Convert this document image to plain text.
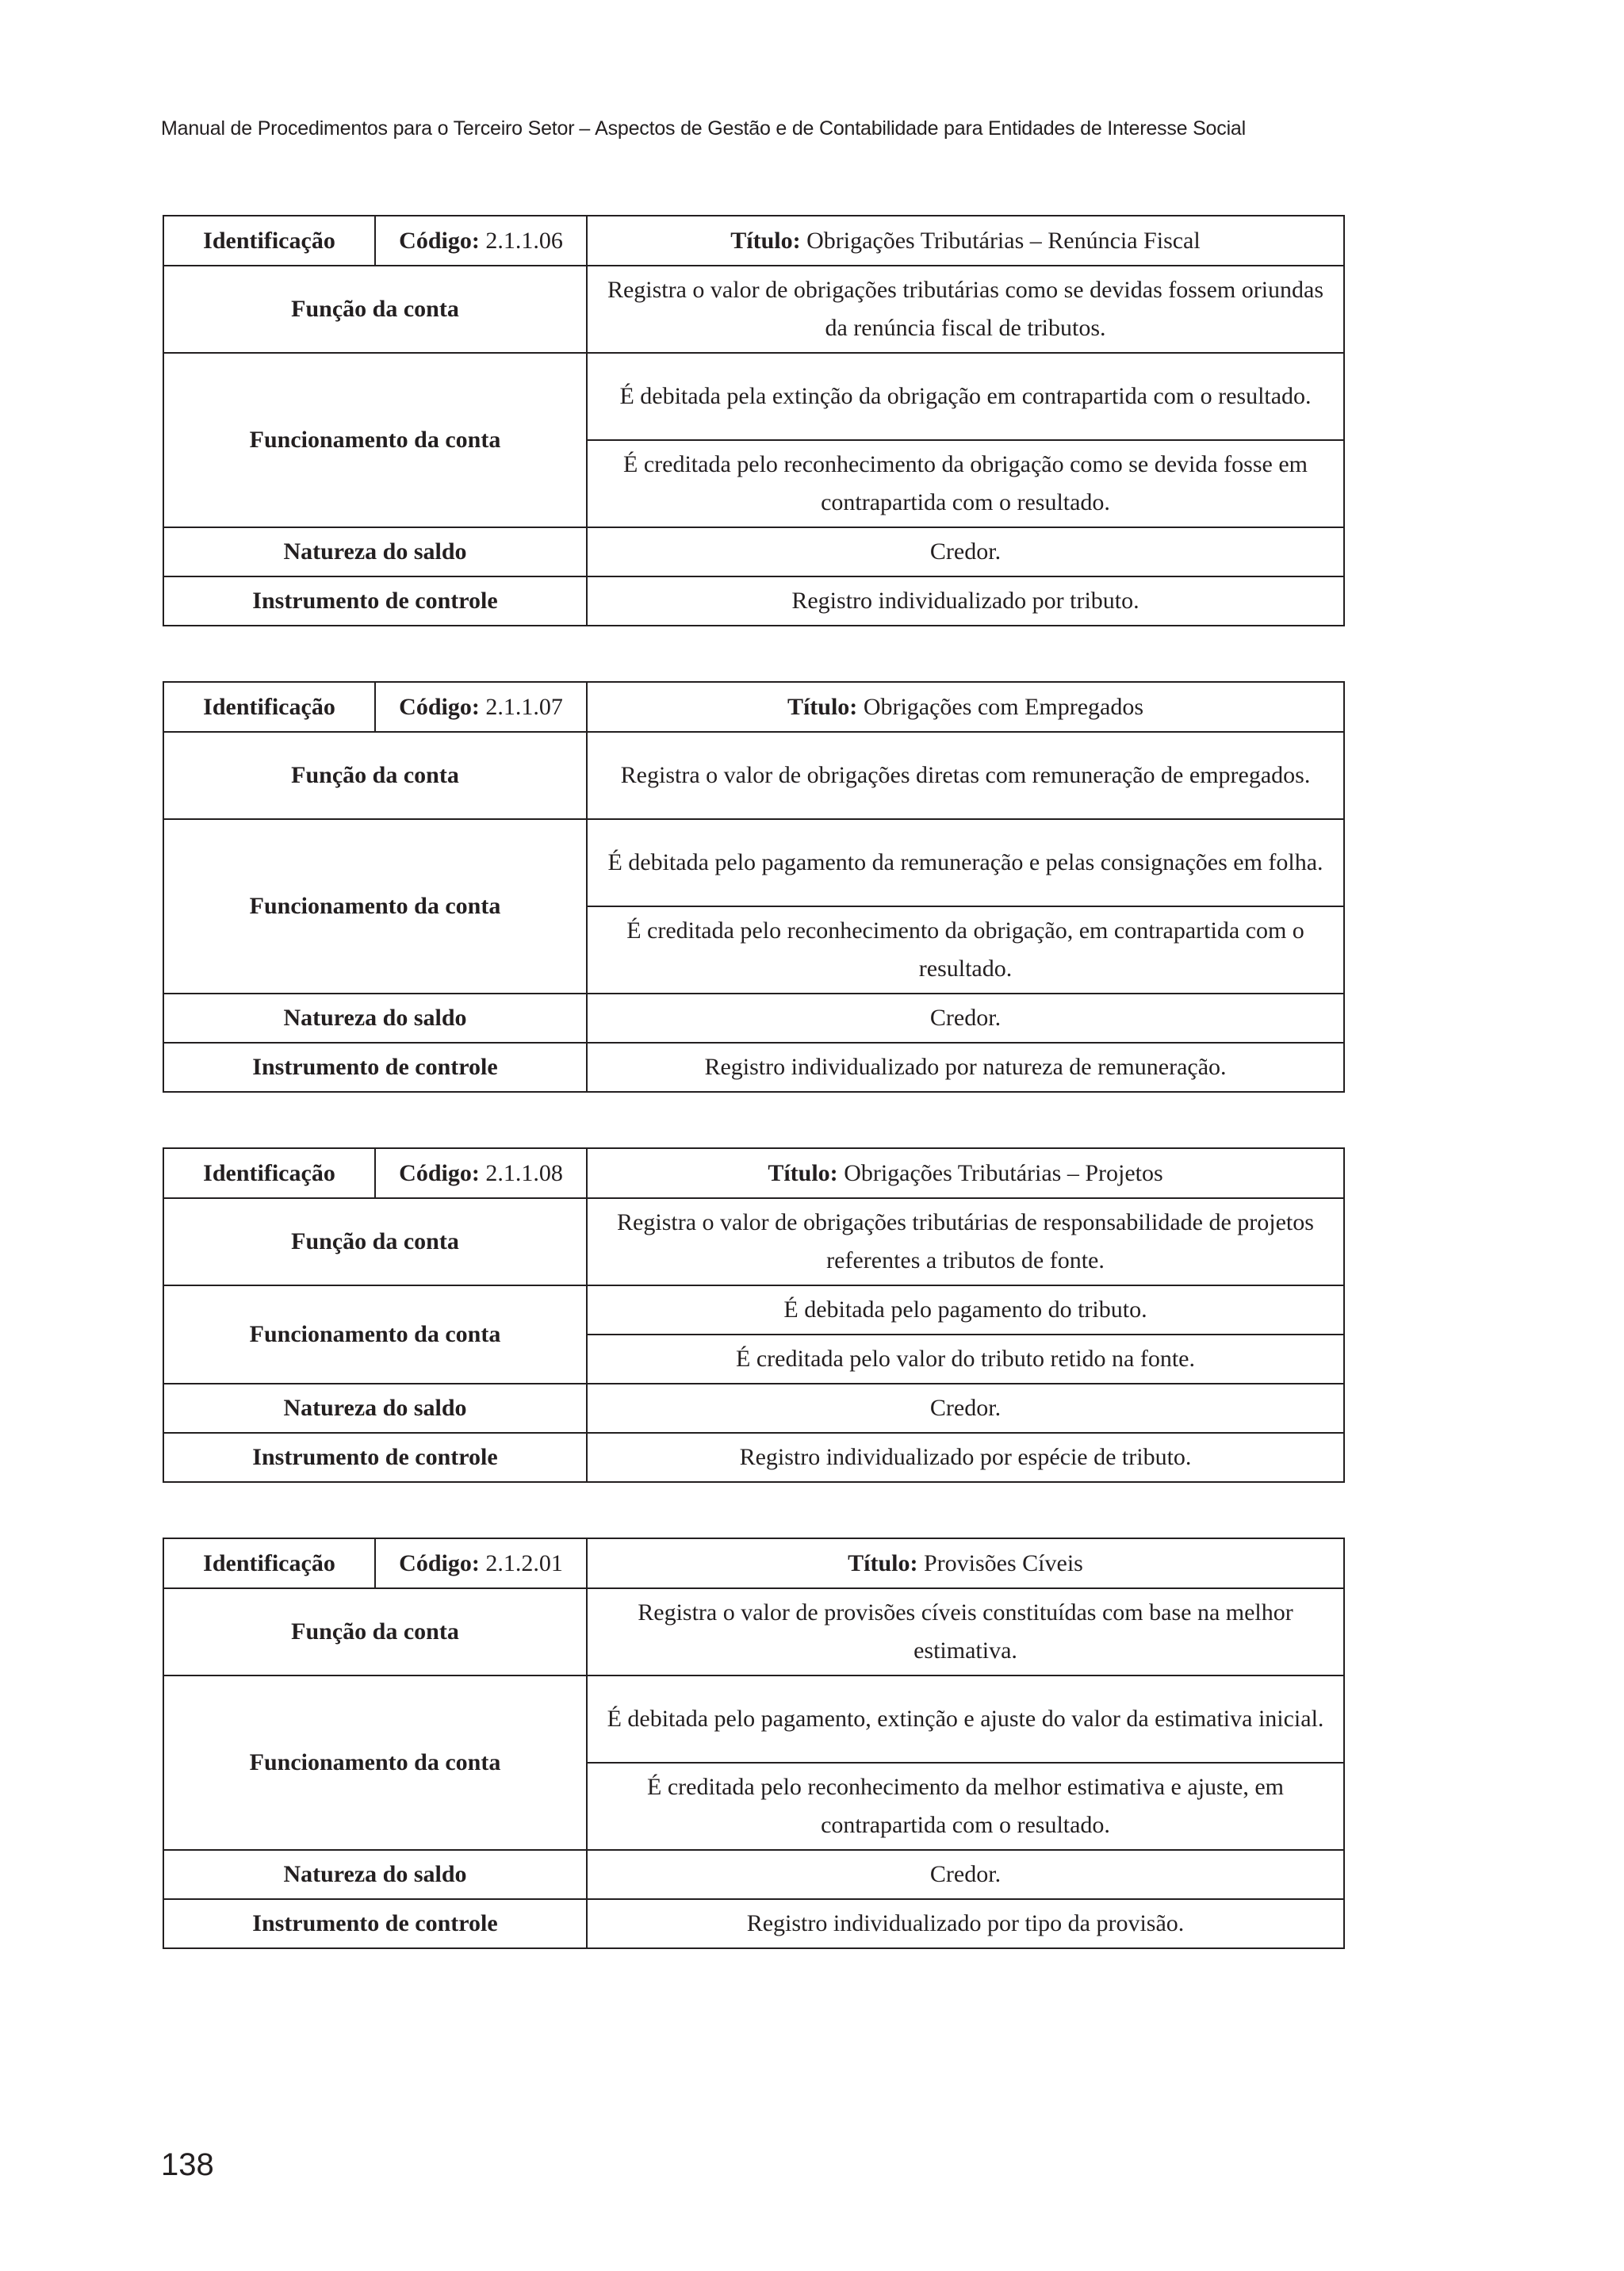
Manual de Procedimentos para o Terceiro Setor – Aspectos de Gestão e de Contabilidade para Entidades de Interesse Social
Identificação	Código: 2.1.1.06	Título: Obrigações Tributárias – Renúncia Fiscal
Função da conta		Registra o valor de obrigações tributárias como se devidas fossem oriundas da renúncia fiscal de tributos.
Funcionamento da conta		É debitada pela extinção da obrigação em contrapartida com o resultado.
		É creditada pelo reconhecimento da obrigação como se devida fosse em contrapartida com o resultado.
Natureza do saldo		Credor.
Instrumento de controle		Registro individualizado por tributo.
Identificação	Código: 2.1.1.07	Título: Obrigações com Empregados
Função da conta		Registra o valor de obrigações diretas com remuneração de empregados.
Funcionamento da conta		É debitada pelo pagamento da remuneração e pelas consignações em folha.
		É creditada pelo reconhecimento da obrigação, em contrapartida com o resultado.
Natureza do saldo		Credor.
Instrumento de controle		Registro individualizado por natureza de remuneração.
Identificação	Código: 2.1.1.08	Título: Obrigações Tributárias – Projetos
Função da conta		Registra o valor de obrigações tributárias de responsabilidade de projetos referentes a tributos de fonte.
Funcionamento da conta		É debitada pelo pagamento do tributo.
		É creditada pelo valor do tributo retido na fonte.
Natureza do saldo		Credor.
Instrumento de controle		Registro individualizado por espécie de tributo.
Identificação	Código: 2.1.2.01	Título: Provisões Cíveis
Função da conta		Registra o valor de provisões cíveis constituídas com base na melhor estimativa.
Funcionamento da conta		É debitada pelo pagamento, extinção e ajuste do valor da estimativa inicial.
		É creditada pelo reconhecimento da melhor estimativa e ajuste, em contrapartida com o resultado.
Natureza do saldo		Credor.
Instrumento de controle		Registro individualizado por tipo da provisão.
138
